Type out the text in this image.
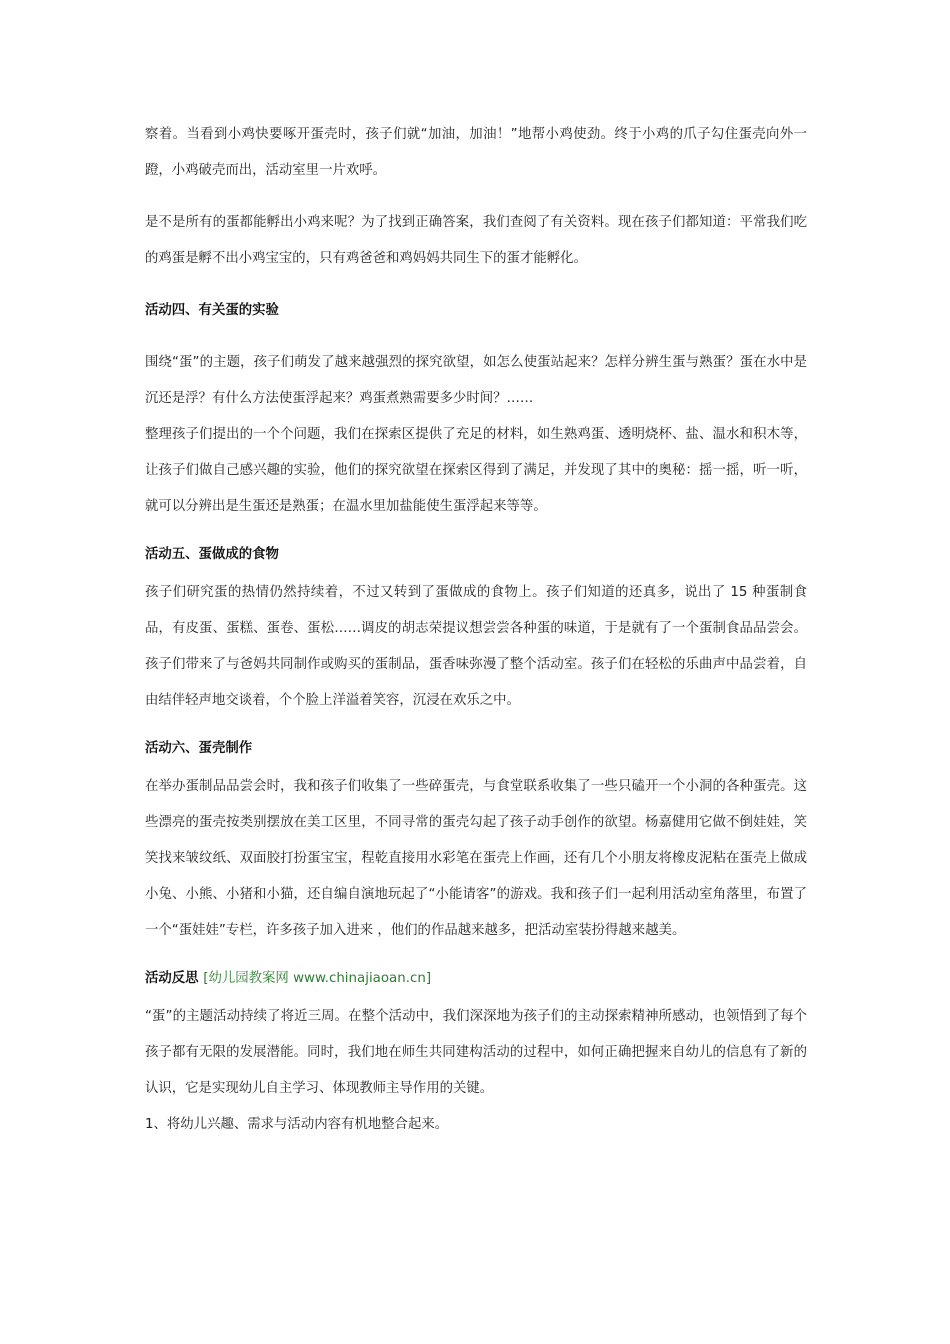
察着。当看到小鸡快要啄开蛋壳时，孩子们就“加油，加油！”地帮小鸡使劲。终于小鸡的爪子勾住蛋壳向外一蹬，小鸡破壳而出，活动室里一片欢呼。

是不是所有的蛋都能孵出小鸡来呢？为了找到正确答案，我们查阅了有关资料。现在孩子们都知道：平常我们吃的鸡蛋是孵不出小鸡宝宝的，只有鸡爸爸和鸡妈妈共同生下的蛋才能孵化。

活动四、有关蛋的实验

围绕“蛋”的主题，孩子们萌发了越来越强烈的探究欲望，如怎么使蛋站起来？怎样分辨生蛋与熟蛋？蛋在水中是沉还是浮？有什么方法使蛋浮起来？鸡蛋煮熟需要多少时间？……

整理孩子们提出的一个个问题，我们在探索区提供了充足的材料，如生熟鸡蛋、透明烧杯、盐、温水和积木等，让孩子们做自己感兴趣的实验，他们的探究欲望在探索区得到了满足，并发现了其中的奥秘：摇一摇，听一听，就可以分辨出是生蛋还是熟蛋；在温水里加盐能使生蛋浮起来等等。

活动五、蛋做成的食物

孩子们研究蛋的热情仍然持续着，不过又转到了蛋做成的食物上。孩子们知道的还真多，说出了 15 种蛋制食品，有皮蛋、蛋糕、蛋卷、蛋松……调皮的胡志荣提议想尝尝各种蛋的味道，于是就有了一个蛋制食品品尝会。孩子们带来了与爸妈共同制作或购买的蛋制品，蛋香味弥漫了整个活动室。孩子们在轻松的乐曲声中品尝着，自由结伴轻声地交谈着，个个脸上洋溢着笑容，沉浸在欢乐之中。

活动六、蛋壳制作

在举办蛋制品品尝会时，我和孩子们收集了一些碎蛋壳，与食堂联系收集了一些只磕开一个小洞的各种蛋壳。这些漂亮的蛋壳按类别摆放在美工区里，不同寻常的蛋壳勾起了孩子动手创作的欲望。杨嘉健用它做不倒娃娃，笑笑找来皱纹纸、双面胶打扮蛋宝宝，程乾直接用水彩笔在蛋壳上作画，还有几个小朋友将橡皮泥粘在蛋壳上做成小兔、小熊、小猪和小猫，还自编自演地玩起了“小能请客”的游戏。我和孩子们一起利用活动室角落里，布置了一个“蛋娃娃”专栏，许多孩子加入进来 ，他们的作品越来越多，把活动室装扮得越来越美。

活动反思 [幼儿园教案网 www.chinajiaoan.cn]

“蛋”的主题活动持续了将近三周。在整个活动中，我们深深地为孩子们的主动探索精神所感动，也领悟到了每个孩子都有无限的发展潜能。同时，我们地在师生共同建构活动的过程中，如何正确把握来自幼儿的信息有了新的认识，它是实现幼儿自主学习、体现教师主导作用的关键。

1、将幼儿兴趣、需求与活动内容有机地整合起来。
